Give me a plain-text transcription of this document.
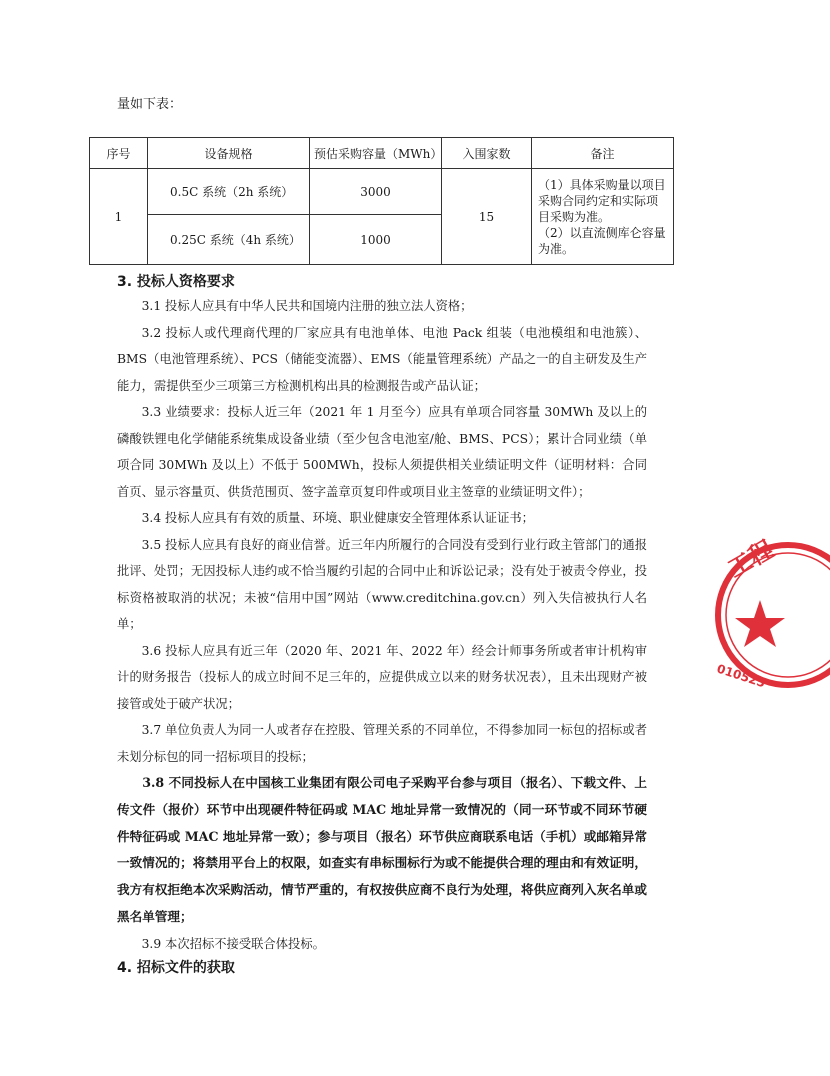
量如下表：
序号	设备规格	预估采购容量（MWh）	入围家数	备注
1	0.5C 系统（2h 系统）	3000	15	（1）具体采购量以项目采购合同约定和实际项目采购为准。
（2）以直流侧库仑容量为准。

	0.25C 系统（4h 系统）	1000		
3. 投标人资格要求

3.1 投标人应具有中华人民共和国境内注册的独立法人资格；

3.2 投标人或代理商代理的厂家应具有电池单体、电池 Pack 组装（电池模组和电池簇）、BMS（电池管理系统）、PCS（储能变流器）、EMS（能量管理系统）产品之一的自主研发及生产能力，需提供至少三项第三方检测机构出具的检测报告或产品认证；

3.3 业绩要求：投标人近三年（2021 年 1 月至今）应具有单项合同容量 30MWh 及以上的磷酸铁锂电化学储能系统集成设备业绩（至少包含电池室/舱、BMS、PCS）；累计合同业绩（单项合同 30MWh 及以上）不低于 500MWh，投标人须提供相关业绩证明文件（证明材料：合同首页、显示容量页、供货范围页、签字盖章页复印件或项目业主签章的业绩证明文件）；

3.4 投标人应具有有效的质量、环境、职业健康安全管理体系认证证书；

3.5 投标人应具有良好的商业信誉。近三年内所履行的合同没有受到行业行政主管部门的通报批评、处罚；无因投标人违约或不恰当履约引起的合同中止和诉讼记录；没有处于被责令停业，投标资格被取消的状况；未被“信用中国”网站（www.creditchina.gov.cn）列入失信被执行人名单；

3.6 投标人应具有近三年（2020 年、2021 年、2022 年）经会计师事务所或者审计机构审计的财务报告（投标人的成立时间不足三年的，应提供成立以来的财务状况表），且未出现财产被接管或处于破产状况；

3.7 单位负责人为同一人或者存在控股、管理关系的不同单位，不得参加同一标包的招标或者未划分标包的同一招标项目的投标；

3.8 不同投标人在中国核工业集团有限公司电子采购平台参与项目（报名）、下载文件、上传文件（报价）环节中出现硬件特征码或 MAC 地址异常一致情况的（同一环节或不同环节硬件特征码或 MAC 地址异常一致）；参与项目（报名）环节供应商联系电话（手机）或邮箱异常一致情况的；将禁用平台上的权限，如查实有串标围标行为或不能提供合理的理由和有效证明，我方有权拒绝本次采购活动，情节严重的，有权按供应商不良行为处理，将供应商列入灰名单或黑名单管理；

3.9 本次招标不接受联合体投标。

4. 招标文件的获取
工程
010525
